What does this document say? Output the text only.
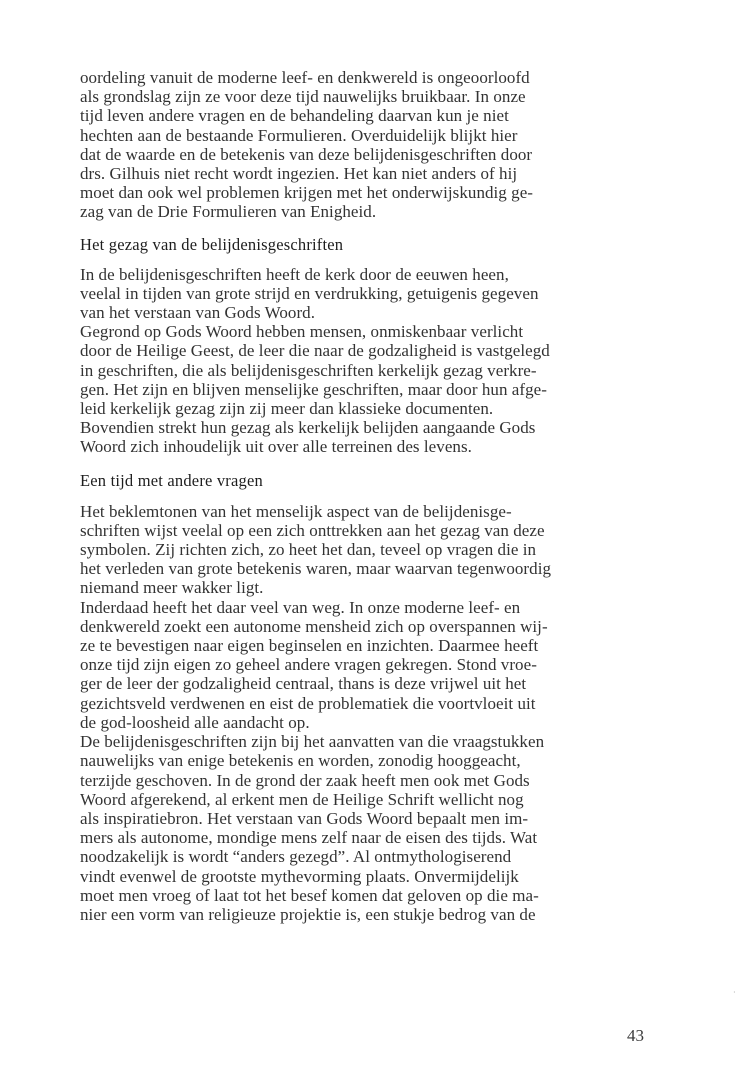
oordeling vanuit de moderne leef- en denkwereld is ongeoorloofd
als grondslag zijn ze voor deze tijd nauwelijks bruikbaar. In onze
tijd leven andere vragen en de behandeling daarvan kun je niet
hechten aan de bestaande Formulieren. Overduidelijk blijkt hier
dat de waarde en de betekenis van deze belijdenisgeschriften door
drs. Gilhuis niet recht wordt ingezien. Het kan niet anders of hij
moet dan ook wel problemen krijgen met het onderwijskundig ge-
zag van de Drie Formulieren van Enigheid.
Het gezag van de belijdenisgeschriften
In de belijdenisgeschriften heeft de kerk door de eeuwen heen,
veelal in tijden van grote strijd en verdrukking, getuigenis gegeven
van het verstaan van Gods Woord.
Gegrond op Gods Woord hebben mensen, onmiskenbaar verlicht
door de Heilige Geest, de leer die naar de godzaligheid is vastgelegd
in geschriften, die als belijdenisgeschriften kerkelijk gezag verkre-
gen. Het zijn en blijven menselijke geschriften, maar door hun afge-
leid kerkelijk gezag zijn zij meer dan klassieke documenten.
Bovendien strekt hun gezag als kerkelijk belijden aangaande Gods
Woord zich inhoudelijk uit over alle terreinen des levens.
Een tijd met andere vragen
Het beklemtonen van het menselijk aspect van de belijdenisge-
schriften wijst veelal op een zich onttrekken aan het gezag van deze
symbolen. Zij richten zich, zo heet het dan, teveel op vragen die in
het verleden van grote betekenis waren, maar waarvan tegenwoordig
niemand meer wakker ligt.
Inderdaad heeft het daar veel van weg. In onze moderne leef- en
denkwereld zoekt een autonome mensheid zich op overspannen wij-
ze te bevestigen naar eigen beginselen en inzichten. Daarmee heeft
onze tijd zijn eigen zo geheel andere vragen gekregen. Stond vroe-
ger de leer der godzaligheid centraal, thans is deze vrijwel uit het
gezichtsveld verdwenen en eist de problematiek die voortvloeit uit
de god-loosheid alle aandacht op.
De belijdenisgeschriften zijn bij het aanvatten van die vraagstukken
nauwelijks van enige betekenis en worden, zonodig hooggeacht,
terzijde geschoven. In de grond der zaak heeft men ook met Gods
Woord afgerekend, al erkent men de Heilige Schrift wellicht nog
als inspiratiebron. Het verstaan van Gods Woord bepaalt men im-
mers als autonome, mondige mens zelf naar de eisen des tijds. Wat
noodzakelijk is wordt “anders gezegd”. Al ontmythologiserend
vindt evenwel de grootste mythevorming plaats. Onvermijdelijk
moet men vroeg of laat tot het besef komen dat geloven op die ma-
nier een vorm van religieuze projektie is, een stukje bedrog van de
43
·
